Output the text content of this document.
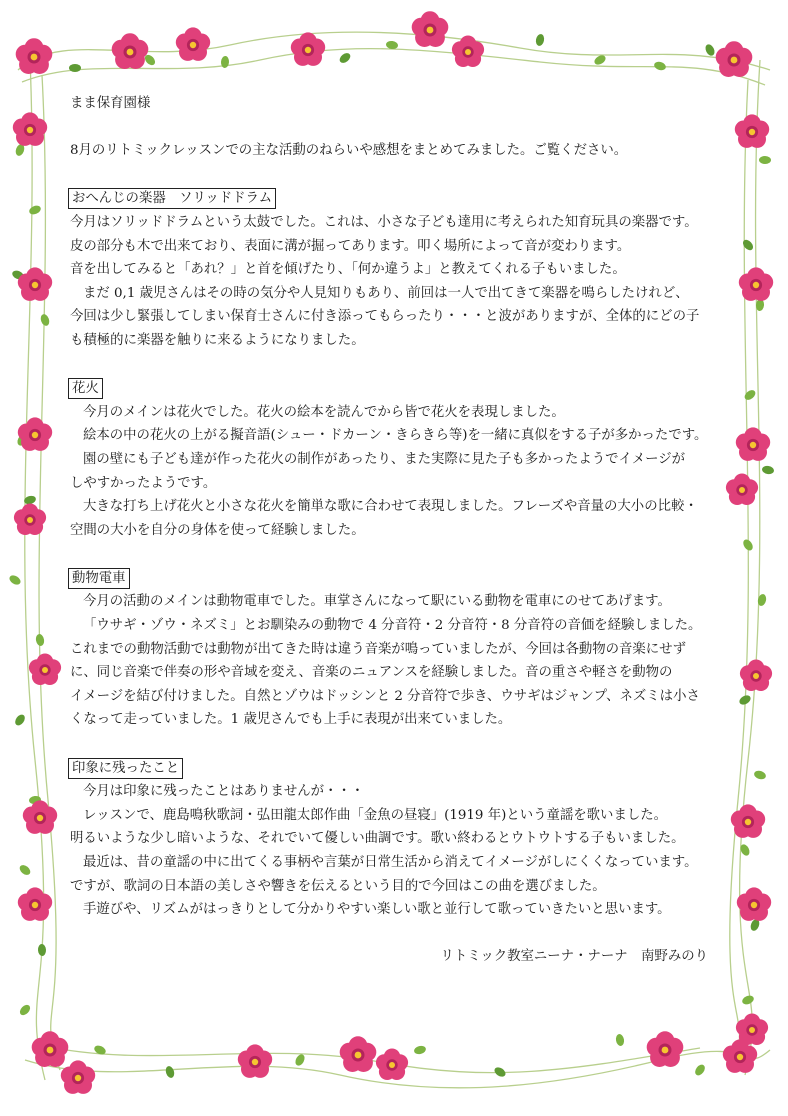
まま保育園様

8月のリトミックレッスンでの主な活動のねらいや感想をまとめてみました。ご覧ください。

おへんじの楽器　ソリッドドラム

今月はソリッドドラムという太鼓でした。これは、小さな子ども達用に考えられた知育玩具の楽器です。

皮の部分も木で出来ており、表面に溝が掘ってあります。叩く場所によって音が変わります。

音を出してみると「あれ？」と首を傾げたり、「何か違うよ」と教えてくれる子もいました。

まだ 0,1 歳児さんはその時の気分や人見知りもあり、前回は一人で出てきて楽器を鳴らしたけれど、

今回は少し緊張してしまい保育士さんに付き添ってもらったり・・・と波がありますが、全体的にどの子

も積極的に楽器を触りに来るようになりました。

花火

今月のメインは花火でした。花火の絵本を読んでから皆で花火を表現しました。

絵本の中の花火の上がる擬音語(シュー・ドカーン・きらきら等)を一緒に真似をする子が多かったです。

園の壁にも子ども達が作った花火の制作があったり、また実際に見た子も多かったようでイメージが

しやすかったようです。

大きな打ち上げ花火と小さな花火を簡単な歌に合わせて表現しました。フレーズや音量の大小の比較・

空間の大小を自分の身体を使って経験しました。

動物電車

今月の活動のメインは動物電車でした。車掌さんになって駅にいる動物を電車にのせてあげます。

「ウサギ・ゾウ・ネズミ」とお馴染みの動物で 4 分音符・2 分音符・8 分音符の音価を経験しました。

これまでの動物活動では動物が出てきた時は違う音楽が鳴っていましたが、今回は各動物の音楽にせず

に、同じ音楽で伴奏の形や音域を変え、音楽のニュアンスを経験しました。音の重さや軽さを動物の

イメージを結び付けました。自然とゾウはドッシンと 2 分音符で歩き、ウサギはジャンプ、ネズミは小さ

くなって走っていました。1 歳児さんでも上手に表現が出来ていました。

印象に残ったこと

今月は印象に残ったことはありませんが・・・

レッスンで、鹿島鳴秋歌詞・弘田龍太郎作曲「金魚の昼寝」(1919 年)という童謡を歌いました。

明るいような少し暗いような、それでいて優しい曲調です。歌い終わるとウトウトする子もいました。

最近は、昔の童謡の中に出てくる事柄や言葉が日常生活から消えてイメージがしにくくなっています。

ですが、歌詞の日本語の美しさや響きを伝えるという目的で今回はこの曲を選びました。

手遊びや、リズムがはっきりとして分かりやすい楽しい歌と並行して歌っていきたいと思います。

リトミック教室ニーナ・ナーナ　南野みのり
